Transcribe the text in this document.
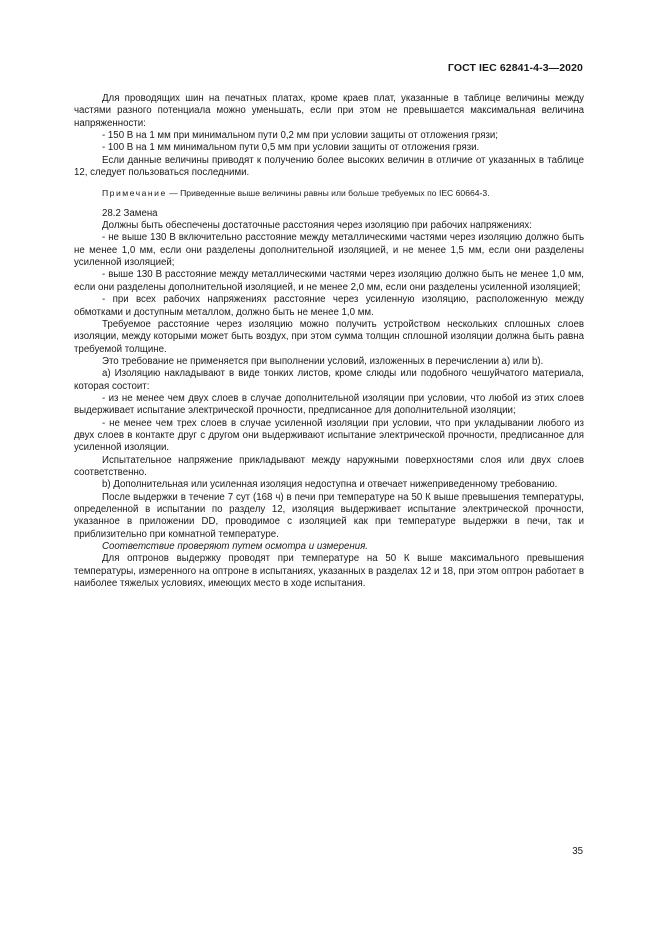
ГОСТ IEC 62841-4-3—2020

Для проводящих шин на печатных платах, кроме краев плат, указанные в таблице величины между частями разного потенциала можно уменьшать, если при этом не превышается максимальная величина напряженности:

- 150 В на 1 мм при минимальном пути 0,2 мм при условии защиты от отложения грязи;

- 100 В на 1 мм минимальном пути 0,5 мм при условии защиты от отложения грязи.

Если данные величины приводят к получению более высоких величин в отличие от указанных в таблице 12, следует пользоваться последними.

Примечание — Приведенные выше величины равны или больше требуемых по IEC 60664-3.

28.2 Замена

Должны быть обеспечены достаточные расстояния через изоляцию при рабочих напряжениях:

- не выше 130 В включительно расстояние между металлическими частями через изоляцию должно быть не менее 1,0 мм, если они разделены дополнительной изоляцией, и не менее 1,5 мм, если они разделены усиленной изоляцией;

- выше 130 В расстояние между металлическими частями через изоляцию должно быть не менее 1,0 мм, если они разделены дополнительной изоляцией, и не менее 2,0 мм, если они разделены усиленной изоляцией;

- при всех рабочих напряжениях расстояние через усиленную изоляцию, расположенную между обмотками и доступным металлом, должно быть не менее 1,0 мм.

Требуемое расстояние через изоляцию можно получить устройством нескольких сплошных слоев изоляции, между которыми может быть воздух, при этом сумма толщин сплошной изоляции должна быть равна требуемой толщине.

Это требование не применяется при выполнении условий, изложенных в перечислении а) или b).

а) Изоляцию накладывают в виде тонких листов, кроме слюды или подобного чешуйчатого материала, которая состоит:

- из не менее чем двух слоев в случае дополнительной изоляции при условии, что любой из этих слоев выдерживает испытание электрической прочности, предписанное для дополнительной изоляции;

- не менее чем трех слоев в случае усиленной изоляции при условии, что при укладывании любого из двух слоев в контакте друг с другом они выдерживают испытание электрической прочности, предписанное для усиленной изоляции.

Испытательное напряжение прикладывают между наружными поверхностями слоя или двух слоев соответственно.

b) Дополнительная или усиленная изоляция недоступна и отвечает нижеприведенному требованию.

После выдержки в течение 7 сут (168 ч) в печи при температуре на 50 К выше превышения температуры, определенной в испытании по разделу 12, изоляция выдерживает испытание электрической прочности, указанное в приложении DD, проводимое с изоляцией как при температуре выдержки в печи, так и приблизительно при комнатной температуре.

Соответствие проверяют путем осмотра и измерения.

Для оптронов выдержку проводят при температуре на 50 К выше максимального превышения температуры, измеренного на оптроне в испытаниях, указанных в разделах 12 и 18, при этом оптрон работает в наиболее тяжелых условиях, имеющих место в ходе испытания.

35
